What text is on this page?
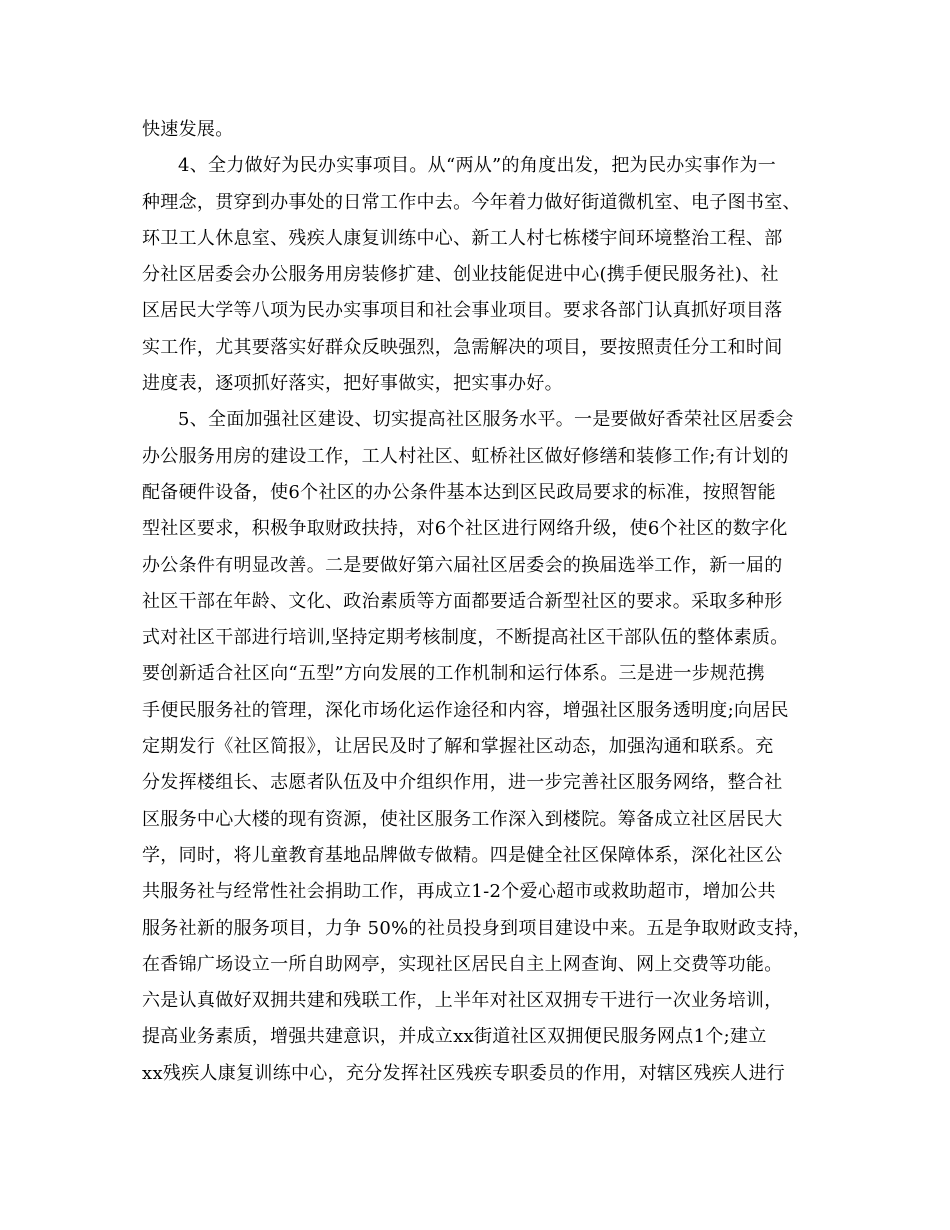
快速发展。

4、全力做好为民办实事项目。从“两从”的角度出发，把为民办实事作为一
种理念，贯穿到办事处的日常工作中去。今年着力做好街道微机室、电子图书室、
环卫工人休息室、残疾人康复训练中心、新工人村七栋楼宇间环境整治工程、部
分社区居委会办公服务用房装修扩建、创业技能促进中心(携手便民服务社)、社
区居民大学等八项为民办实事项目和社会事业项目。要求各部门认真抓好项目落
实工作，尤其要落实好群众反映强烈，急需解决的项目，要按照责任分工和时间
进度表，逐项抓好落实，把好事做实，把实事办好。

5、全面加强社区建设、切实提高社区服务水平。一是要做好香荣社区居委会
办公服务用房的建设工作，工人村社区、虹桥社区做好修缮和装修工作;有计划的
配备硬件设备，使6个社区的办公条件基本达到区民政局要求的标准，按照智能
型社区要求，积极争取财政扶持，对6个社区进行网络升级，使6个社区的数字化
办公条件有明显改善。二是要做好第六届社区居委会的换届选举工作，新一届的
社区干部在年龄、文化、政治素质等方面都要适合新型社区的要求。采取多种形
式对社区干部进行培训,坚持定期考核制度，不断提高社区干部队伍的整体素质。
要创新适合社区向“五型”方向发展的工作机制和运行体系。三是进一步规范携
手便民服务社的管理，深化市场化运作途径和内容，增强社区服务透明度;向居民
定期发行《社区简报》，让居民及时了解和掌握社区动态，加强沟通和联系。充
分发挥楼组长、志愿者队伍及中介组织作用，进一步完善社区服务网络，整合社
区服务中心大楼的现有资源，使社区服务工作深入到楼院。筹备成立社区居民大
学，同时，将儿童教育基地品牌做专做精。四是健全社区保障体系，深化社区公
共服务社与经常性社会捐助工作，再成立1-2个爱心超市或救助超市，增加公共
服务社新的服务项目，力争 50%的社员投身到项目建设中来。五是争取财政支持，
在香锦广场设立一所自助网亭，实现社区居民自主上网查询、网上交费等功能。
六是认真做好双拥共建和残联工作，上半年对社区双拥专干进行一次业务培训，
提高业务素质，增强共建意识，并成立xx街道社区双拥便民服务网点1个;建立
xx残疾人康复训练中心，充分发挥社区残疾专职委员的作用，对辖区残疾人进行
